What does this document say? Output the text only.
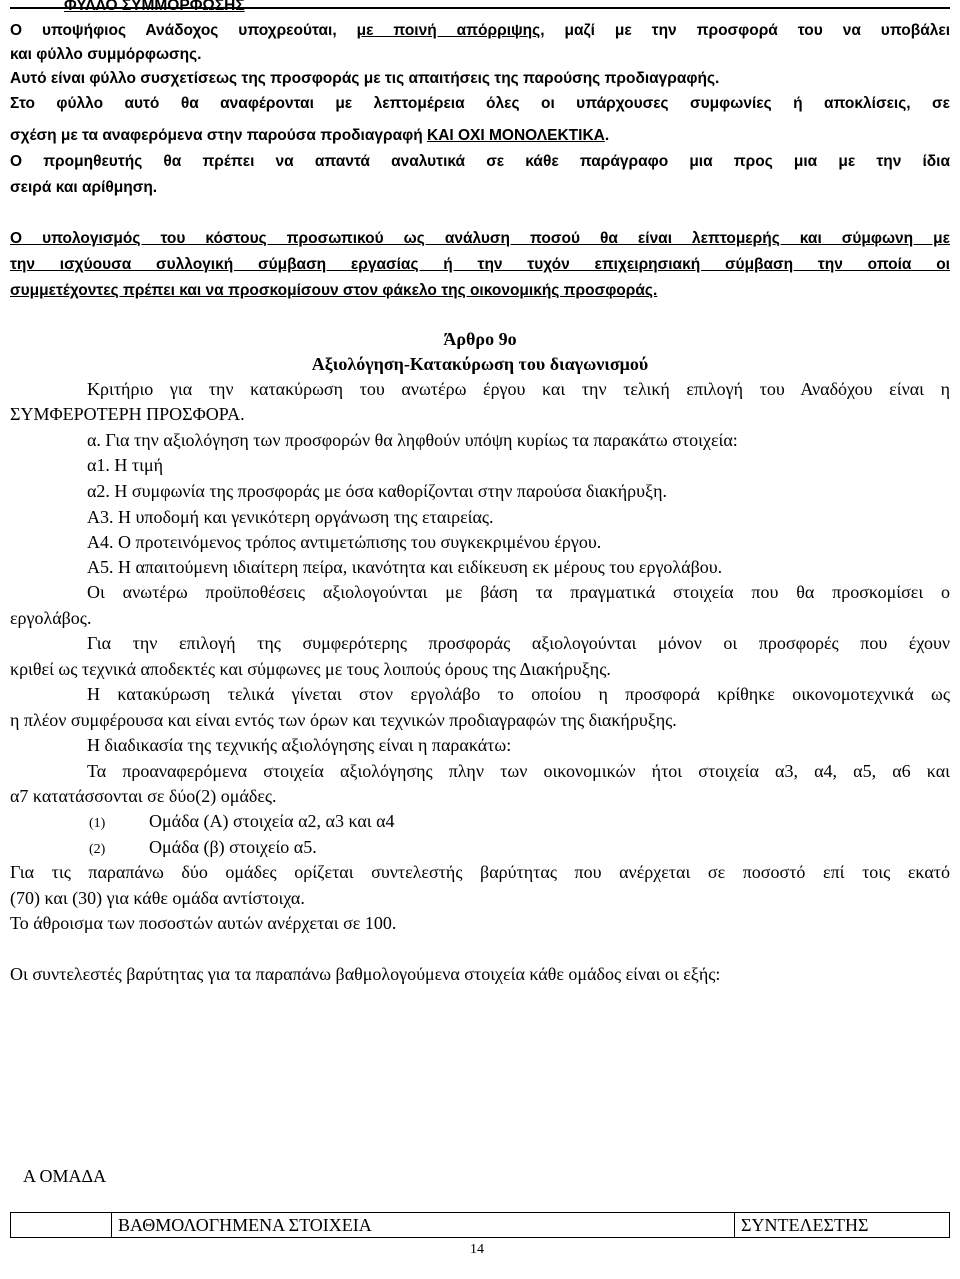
ΦΥΛΛΟ ΣΥΜΜΟΡΦΩΣΗΣ
Ο υποψήφιος Ανάδοχος υποχρεούται, με ποινή απόρριψης, μαζί με την προσφορά του να υποβάλει
και φύλλο συμμόρφωσης.
Αυτό είναι φύλλο συσχετίσεως της προσφοράς με τις απαιτήσεις της παρούσης προδιαγραφής.
Στο φύλλο αυτό θα αναφέρονται με λεπτομέρεια όλες οι υπάρχουσες συμφωνίες ή αποκλίσεις, σε
σχέση με τα αναφερόμενα στην παρούσα προδιαγραφή ΚΑΙ ΟΧΙ ΜΟΝΟΛΕΚΤΙΚΑ.
Ο προμηθευτής θα πρέπει να απαντά αναλυτικά σε κάθε παράγραφο μια προς μια με την ίδια
σειρά και αρίθμηση.
Ο υπολογισμός του κόστους προσωπικού ως ανάλυση ποσού θα είναι λεπτομερής και σύμφωνη με
την ισχύουσα συλλογική σύμβαση εργασίας ή την τυχόν επιχειρησιακή σύμβαση την οποία οι
συμμετέχοντες πρέπει και να προσκομίσουν στον φάκελο της οικονομικής προσφοράς.
Άρθρο 9ο
Αξιολόγηση-Κατακύρωση του διαγωνισμού
Κριτήριο για την κατακύρωση του ανωτέρω έργου και την τελική επιλογή του Αναδόχου είναι η
ΣΥΜΦΕΡΟΤΕΡΗ ΠΡΟΣΦΟΡΑ.
α. Για την αξιολόγηση των προσφορών θα ληφθούν υπόψη κυρίως τα παρακάτω στοιχεία:
α1. Η τιμή
α2. Η συμφωνία της προσφοράς με όσα καθορίζονται στην παρούσα διακήρυξη.
Α3. Η υποδομή και γενικότερη οργάνωση της εταιρείας.
Α4. Ο προτεινόμενος τρόπος αντιμετώπισης του συγκεκριμένου έργου.
Α5. Η απαιτούμενη ιδιαίτερη πείρα, ικανότητα και ειδίκευση εκ μέρους του εργολάβου.
Οι ανωτέρω προϋποθέσεις αξιολογούνται με βάση τα πραγματικά στοιχεία που θα προσκομίσει ο
εργολάβος.
Για την επιλογή της συμφερότερης προσφοράς αξιολογούνται μόνον οι προσφορές που έχουν
κριθεί ως τεχνικά αποδεκτές και σύμφωνες με τους λοιπούς όρους της Διακήρυξης.
Η κατακύρωση τελικά γίνεται στον εργολάβο το οποίου η προσφορά κρίθηκε οικονομοτεχνικά ως
η πλέον συμφέρουσα και είναι εντός των όρων και τεχνικών προδιαγραφών της διακήρυξης.
Η διαδικασία της τεχνικής αξιολόγησης είναι η παρακάτω:
Τα προαναφερόμενα στοιχεία αξιολόγησης πλην των οικονομικών ήτοι στοιχεία α3, α4, α5, α6 και
α7 κατατάσσονται σε δύο(2) ομάδες.
(1) Ομάδα (Α) στοιχεία α2, α3 και α4
(2) Ομάδα (β) στοιχείο α5.
Για τις παραπάνω δύο ομάδες ορίζεται συντελεστής βαρύτητας που ανέρχεται σε ποσοστό επί τοις εκατό
(70) και (30) για κάθε ομάδα αντίστοιχα.
Το άθροισμα των ποσοστών αυτών ανέρχεται σε 100.
Οι συντελεστές βαρύτητας για τα παραπάνω βαθμολογούμενα στοιχεία κάθε ομάδος είναι οι εξής:
Α ΟΜΑΔΑ
	ΒΑΘΜΟΛΟΓΗΜΕΝΑ ΣΤΟΙΧΕΙΑ	ΣΥΝΤΕΛΕΣΤΗΣ
14
